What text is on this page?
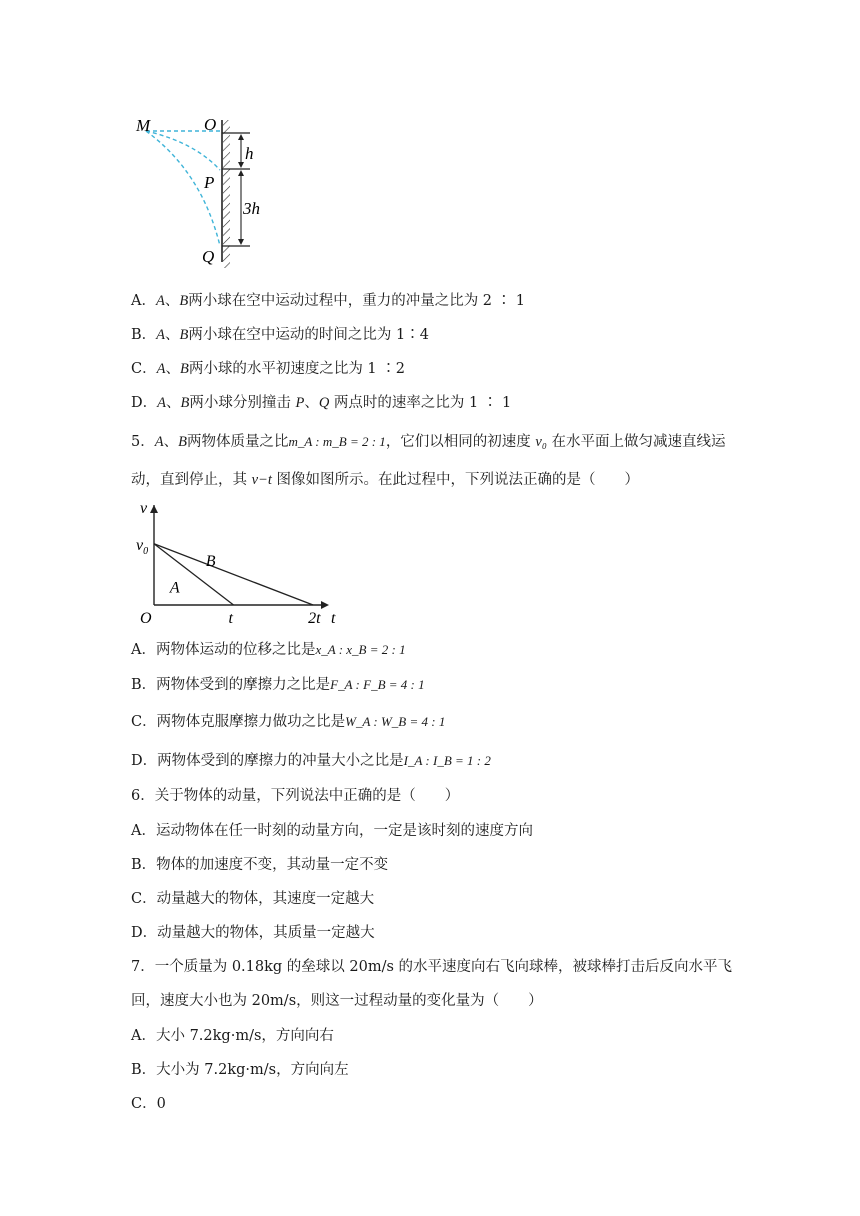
M	O
P
Q
h
3h
A．A、B两小球在空中运动过程中，重力的冲量之比为 2 ∶ 1
B．A、B两小球在空中运动的时间之比为 1∶4
C．A、B两小球的水平初速度之比为 1 ∶2
D．A、B两小球分别撞击 P、Q 两点时的速率之比为 1 ∶ 1
5．A、B两物体质量之比m_A : m_B = 2 : 1，它们以相同的初速度 v₀ 在水平面上做匀减速直线运
动，直到停止，其 v−t 图像如图所示。在此过程中，下列说法正确的是（　　）
A
B
v
t
O
$v_0$
t	2t
A．两物体运动的位移之比是x_A : x_B = 2 : 1
B．两物体受到的摩擦力之比是F_A : F_B = 4 : 1
C．两物体克服摩擦力做功之比是W_A : W_B = 4 : 1
D．两物体受到的摩擦力的冲量大小之比是I_A : I_B = 1 : 2
6．关于物体的动量，下列说法中正确的是（　　）
A．运动物体在任一时刻的动量方向，一定是该时刻的速度方向
B．物体的加速度不变，其动量一定不变
C．动量越大的物体，其速度一定越大
D．动量越大的物体，其质量一定越大
7．一个质量为 0.18kg 的垒球以 20m/s 的水平速度向右飞向球棒，被球棒打击后反向水平飞
回，速度大小也为 20m/s，则这一过程动量的变化量为（　　）
A．大小 7.2kg·m/s，方向向右
B．大小为 7.2kg·m/s，方向向左
C．0
